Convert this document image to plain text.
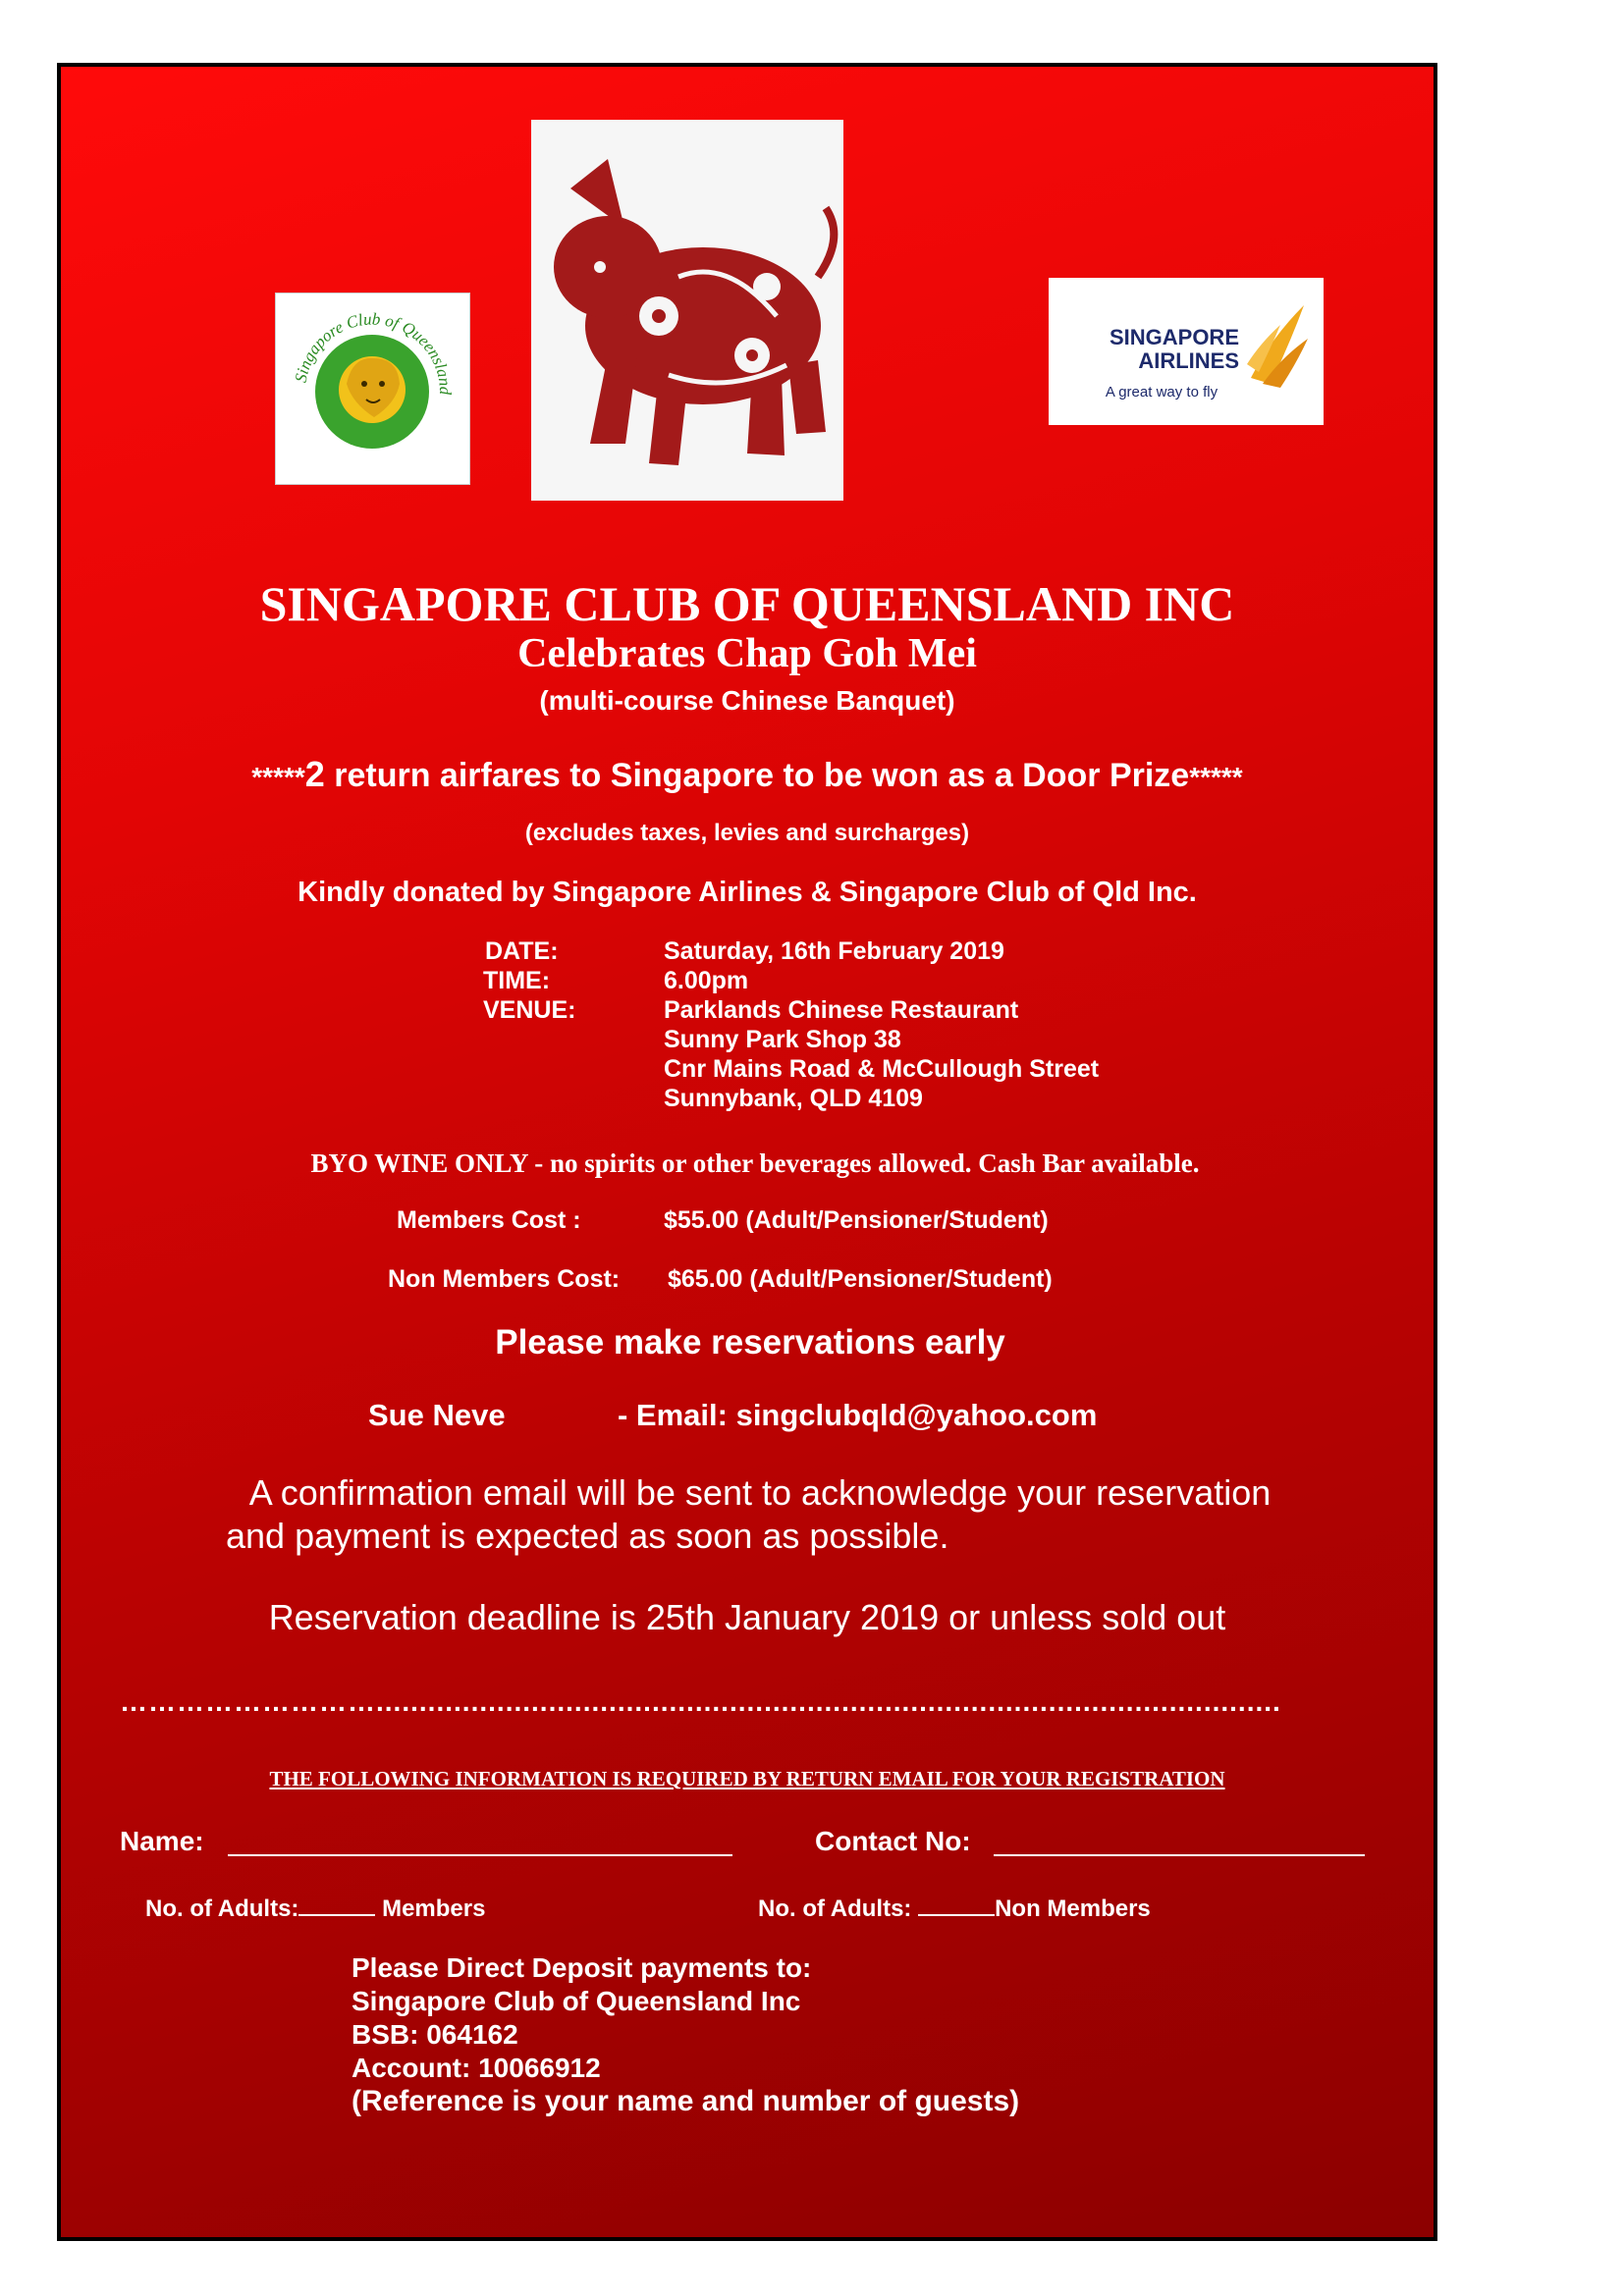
Singapore Club of Queensland
SINGAPORE
AIRLINES
A great way to fly
SINGAPORE CLUB OF QUEENSLAND INC
Celebrates Chap Goh Mei
(multi-course Chinese Banquet)
*****2 return airfares to Singapore to be won as a Door Prize*****
(excludes taxes, levies and surcharges)
Kindly donated by Singapore Airlines & Singapore Club of Qld Inc.
DATE:	Saturday, 16th February 2019
TIME:	6.00pm
VENUE:	Parklands Chinese Restaurant
Sunny Park Shop 38
Cnr Mains Road & McCullough Street
Sunnybank, QLD 4109
BYO WINE ONLY - no spirits or other beverages allowed. Cash Bar available.
Members Cost :	$55.00 (Adult/Pensioner/Student)
Non Members Cost: $65.00 (Adult/Pensioner/Student)
Please make reservations early
Sue Neve	- Email: singclubqld@yahoo.com
A confirmation email will be sent to acknowledge your reservation
and payment is expected as soon as possible.
Reservation deadline is 25th January 2019 or unless sold out
……………………….........................................................................................................
THE FOLLOWING INFORMATION IS REQUIRED BY RETURN EMAIL FOR YOUR REGISTRATION
Name:	Contact No:
No. of Adults:	Members	No. of Adults:	Non Members
Please Direct Deposit payments to:
Singapore Club of Queensland Inc
BSB: 064162
Account: 10066912
(Reference is your name and number of guests)
